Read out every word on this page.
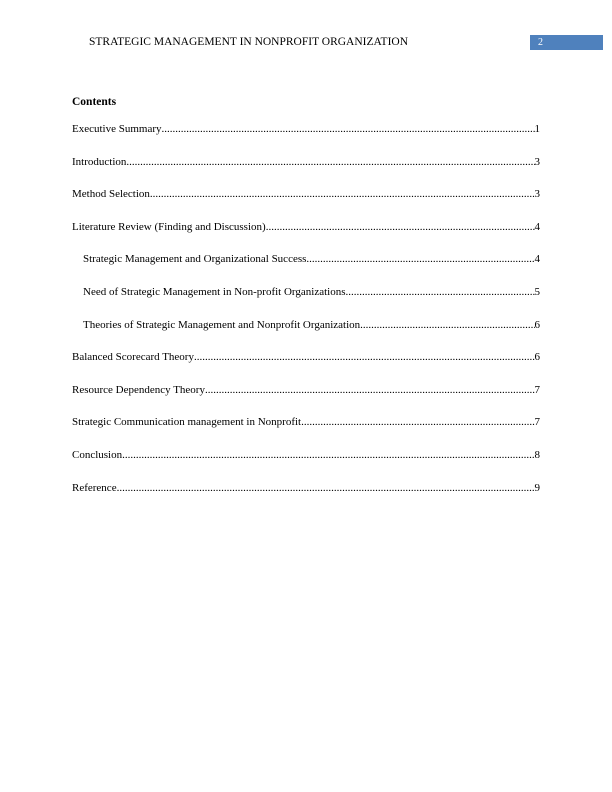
STRATEGIC MANAGEMENT IN NONPROFIT ORGANIZATION	2
Contents
Executive Summary .....	1
Introduction .....	3
Method Selection .....	3
Literature Review (Finding and Discussion) .....	4
Strategic Management and Organizational Success .....	4
Need of Strategic Management in Non-profit Organizations .....	5
Theories of Strategic Management and Nonprofit Organization .....	6
Balanced Scorecard Theory .....	6
Resource Dependency Theory .....	7
Strategic Communication management in Nonprofit .....	7
Conclusion .....	8
Reference .....	9
